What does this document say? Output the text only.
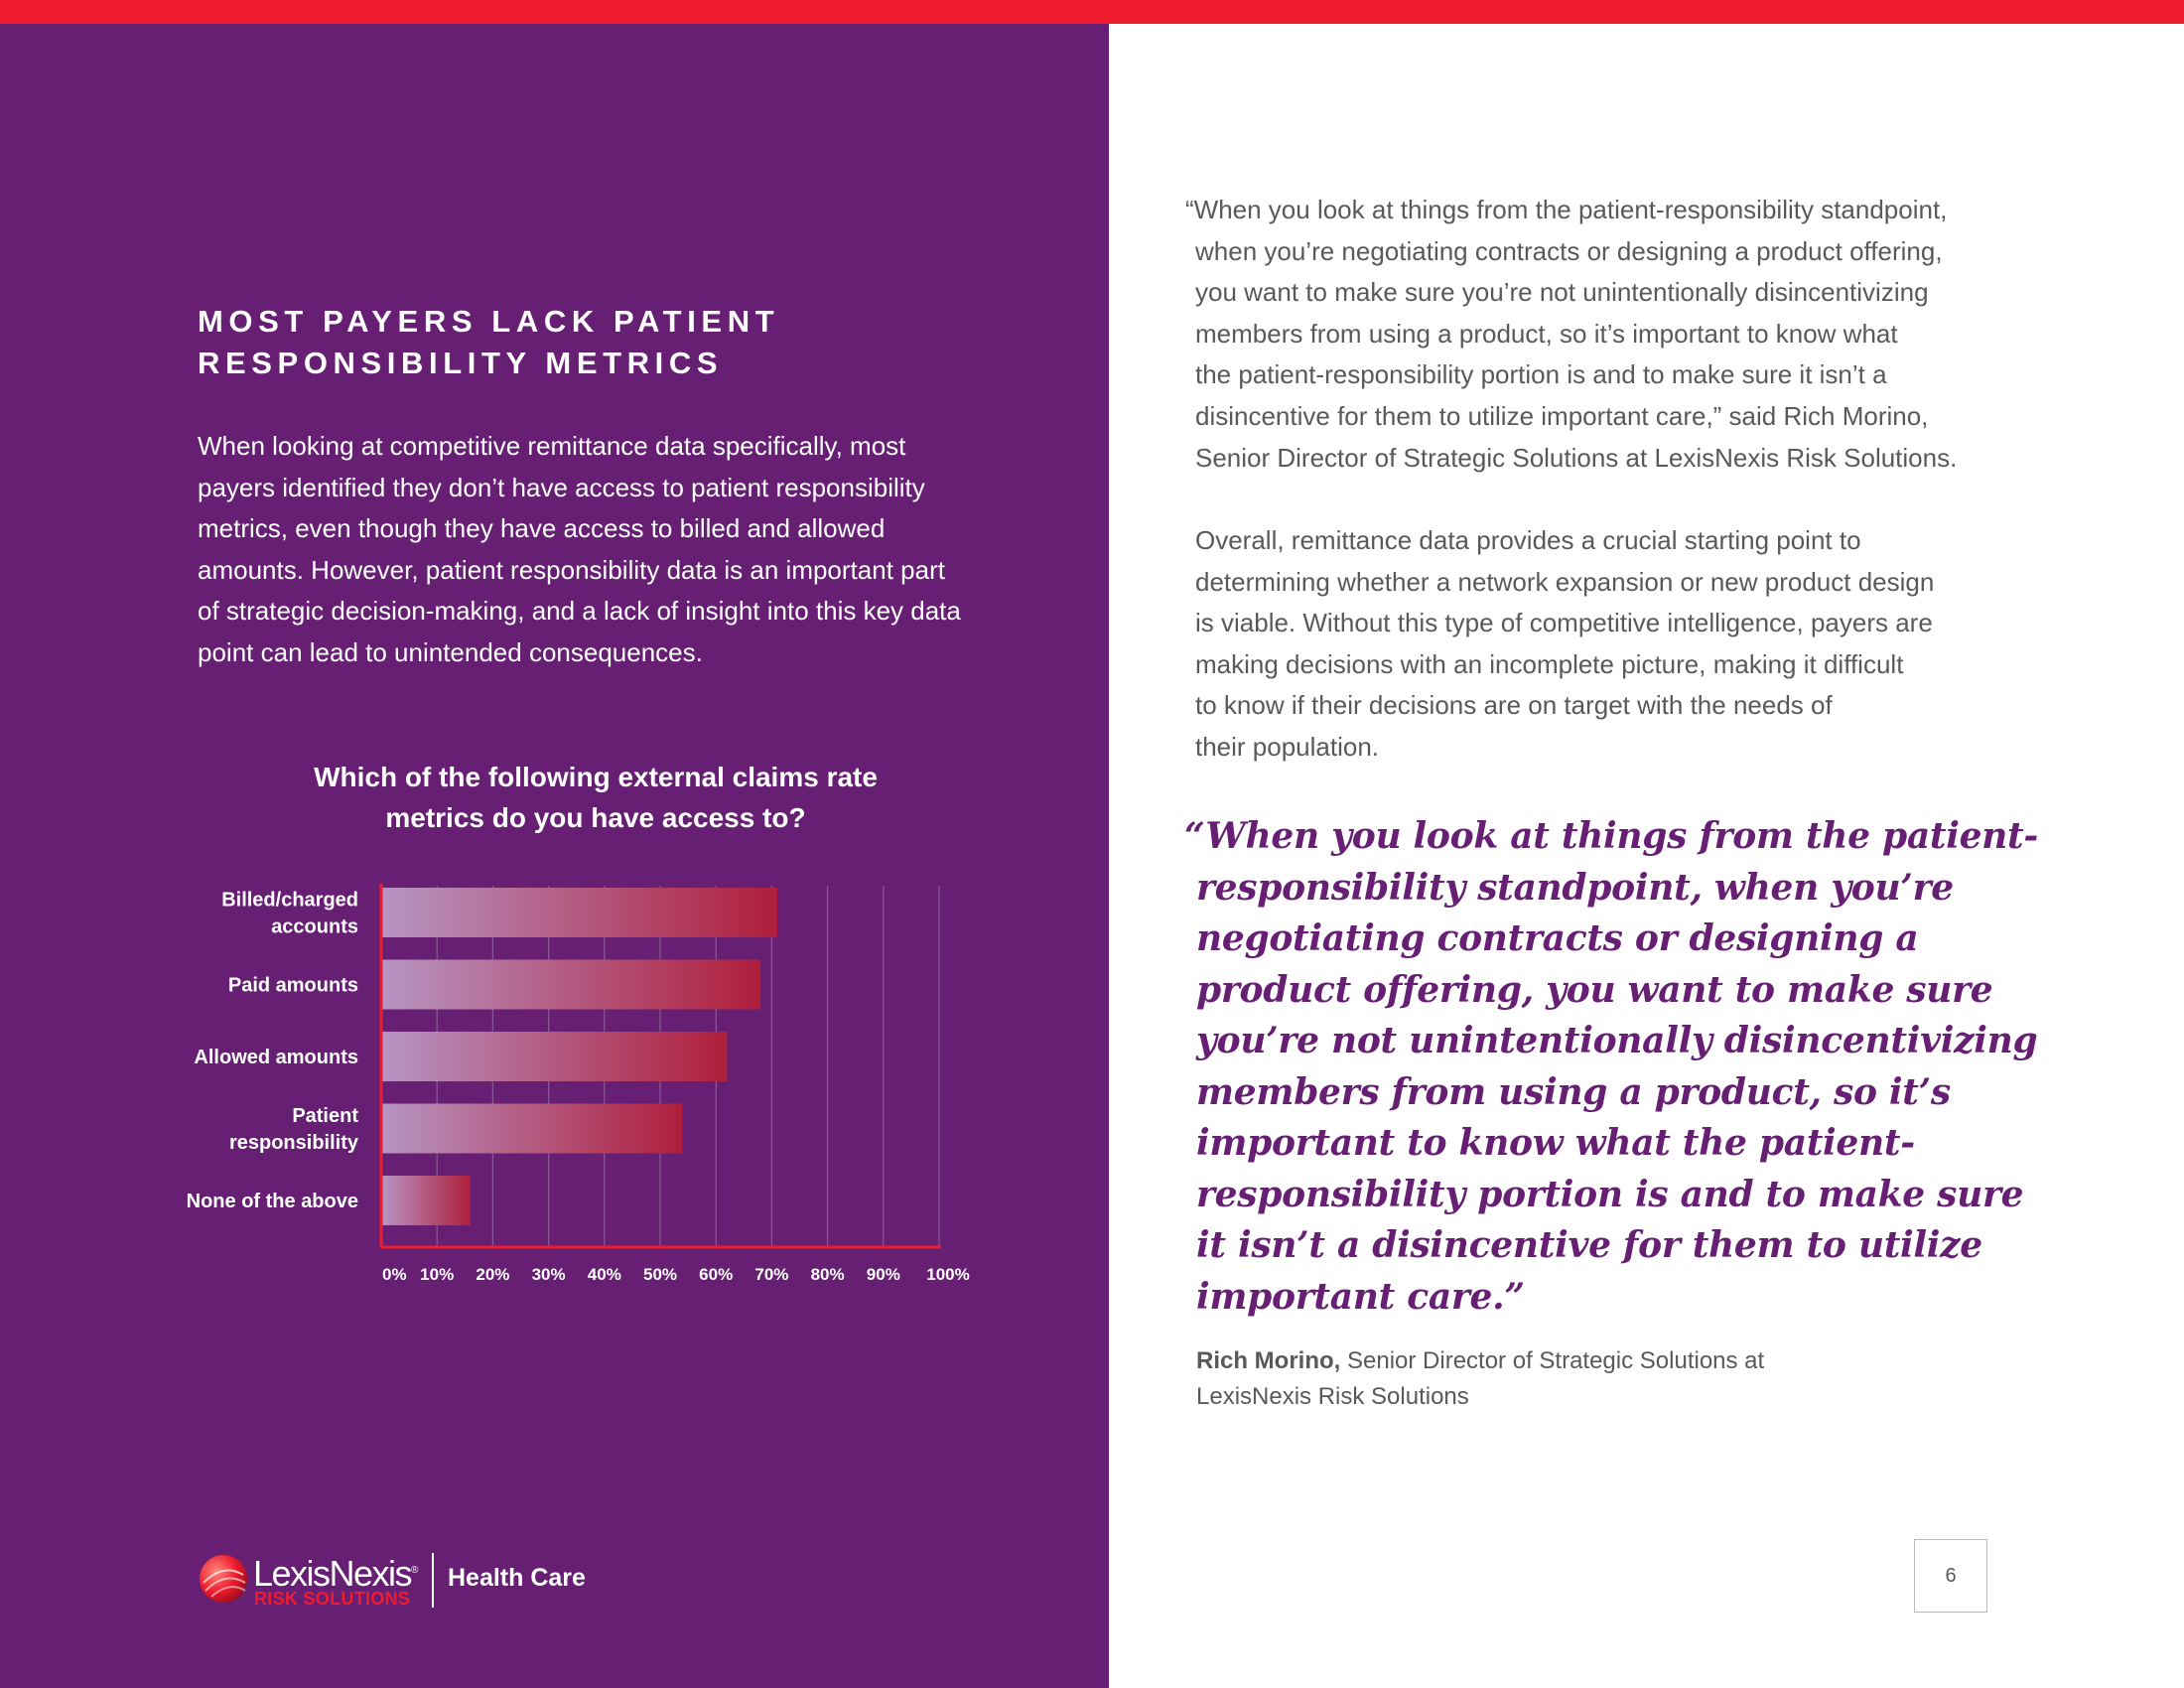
MOST PAYERS LACK PATIENT
RESPONSIBILITY METRICS
When looking at competitive remittance data specifically, most
payers identified they don’t have access to patient responsibility
metrics, even though they have access to billed and allowed
amounts. However, patient responsibility data is an important part
of strategic decision-making, and a lack of insight into this key data
point can lead to unintended consequences.
Which of the following external claims rate
metrics do you have access to?
0% 10% 20% 30% 40% 50% 60% 70% 80% 90% 100%
Billed/charged
accounts
Paid amounts
Allowed amounts
Patient
responsibility
None of the above
LexisNexis®
RISK SOLUTIONS
Health Care
“When you look at things from the patient-responsibility standpoint,
when you’re negotiating contracts or designing a product offering,
you want to make sure you’re not unintentionally disincentivizing
members from using a product, so it’s important to know what
the patient-responsibility portion is and to make sure it isn’t a
disincentive for them to utilize important care,” said Rich Morino,
Senior Director of Strategic Solutions at LexisNexis Risk Solutions.
Overall, remittance data provides a crucial starting point to
determining whether a network expansion or new product design
is viable. Without this type of competitive intelligence, payers are
making decisions with an incomplete picture, making it difficult
to know if their decisions are on target with the needs of
their population.
“When you look at things from the patient-
responsibility standpoint, when you’re
negotiating contracts or designing a
product offering, you want to make sure
you’re not unintentionally disincentivizing
members from using a product, so it’s
important to know what the patient-
responsibility portion is and to make sure
it isn’t a disincentive for them to utilize
important care.”
Rich Morino, Senior Director of Strategic Solutions at
LexisNexis Risk Solutions
6
